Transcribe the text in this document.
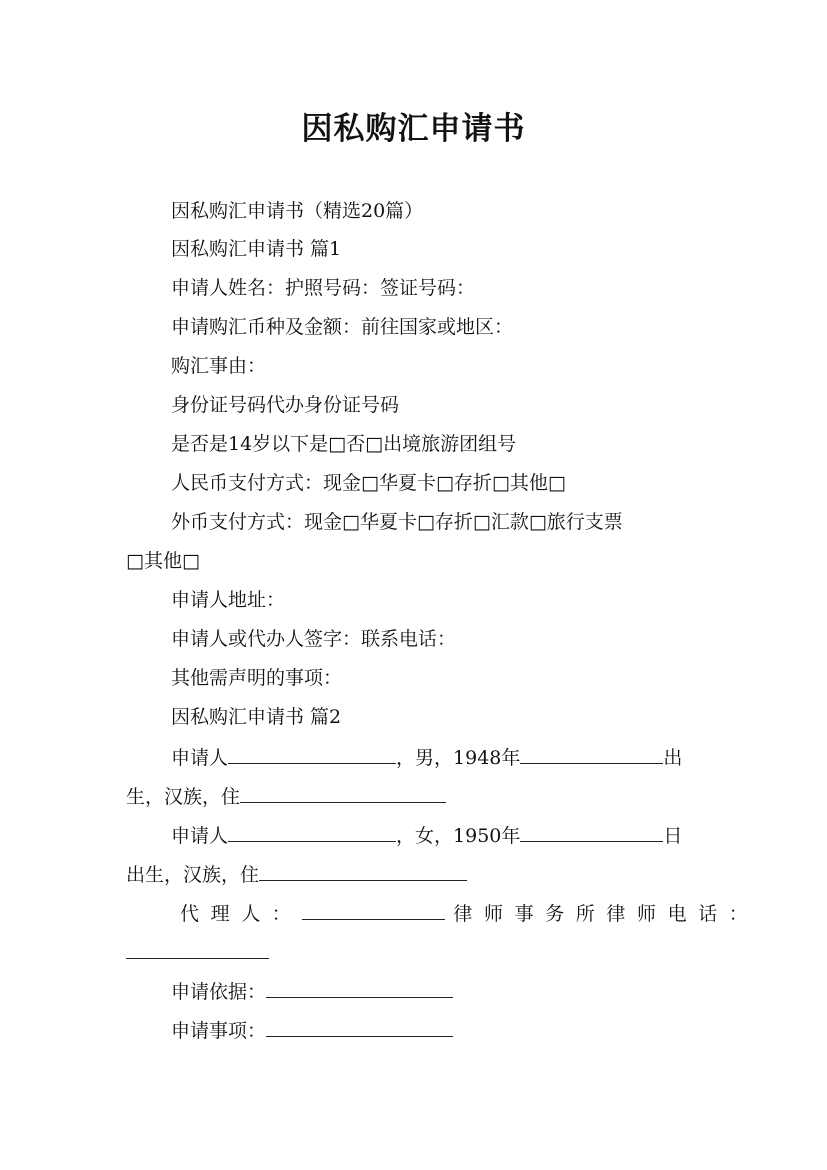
因私购汇申请书
因私购汇申请书（精选20篇）
因私购汇申请书 篇1
申请人姓名：护照号码：签证号码：
申请购汇币种及金额：前往国家或地区：
购汇事由：
身份证号码代办身份证号码
是否是14岁以下是□否□出境旅游团组号
人民币支付方式：现金□华夏卡□存折□其他□
外币支付方式：现金□华夏卡□存折□汇款□旅行支票
□其他□
申请人地址：
申请人或代办人签字：联系电话：
其他需声明的事项：
因私购汇申请书 篇2
申请人	，男，1948年	出
生，汉族，住
申请人	，女，1950年	日
出生，汉族，住
代理人：	律师事务所律师电话：
申请依据：
申请事项：
